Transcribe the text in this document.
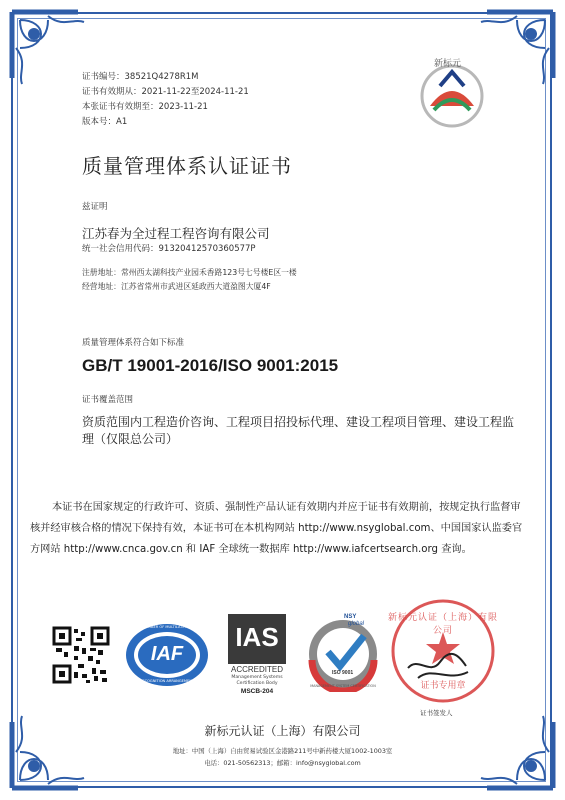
证书编号：38521Q4278R1M
证书有效期从：2021-11-22至2024-11-21
本张证书有效期至：2023-11-21
版本号：A1
新标元
质量管理体系认证证书
兹证明
江苏春为全过程工程咨询有限公司
统一社会信用代码：91320412570360577P
注册地址：常州西太湖科技产业园禾香路123号七号楼E区一楼
经营地址：江苏省常州市武进区延政西大道盈图大厦4F
质量管理体系符合如下标准
GB/T 19001-2016/ISO 9001:2015
证书覆盖范围
资质范围内工程造价咨询、工程项目招投标代理、建设工程项目管理、建设工程监理（仅限总公司）
本证书在国家规定的行政许可、资质、强制性产品认证有效期内并应于证书有效期前，按规定执行监督审核并经审核合格的情况下保持有效，本证书可在本机构网站 http://www.nsyglobal.com、中国国家认监委官方网站 http://www.cnca.gov.cn 和 IAF 全球统一数据库 http://www.iafcertsearch.org 查询。
MEMBER OF MULTILATERAL
IAF
RECOGNITION ARRANGEMENT
IAS
ACCREDITED
Management Systems
Certification Body
MSCB-204
NSY
global
ISO 9001
MANAGEMENT SYSTEM CERTIFICATION
新标元认证（上海）有限公司
证书专用章
证书签发人
新标元认证（上海）有限公司
地址：中国（上海）自由贸易试验区金港路211号中新药楼大厦1002-1003室
电话：021-50562313；邮箱：info@nsyglobal.com
